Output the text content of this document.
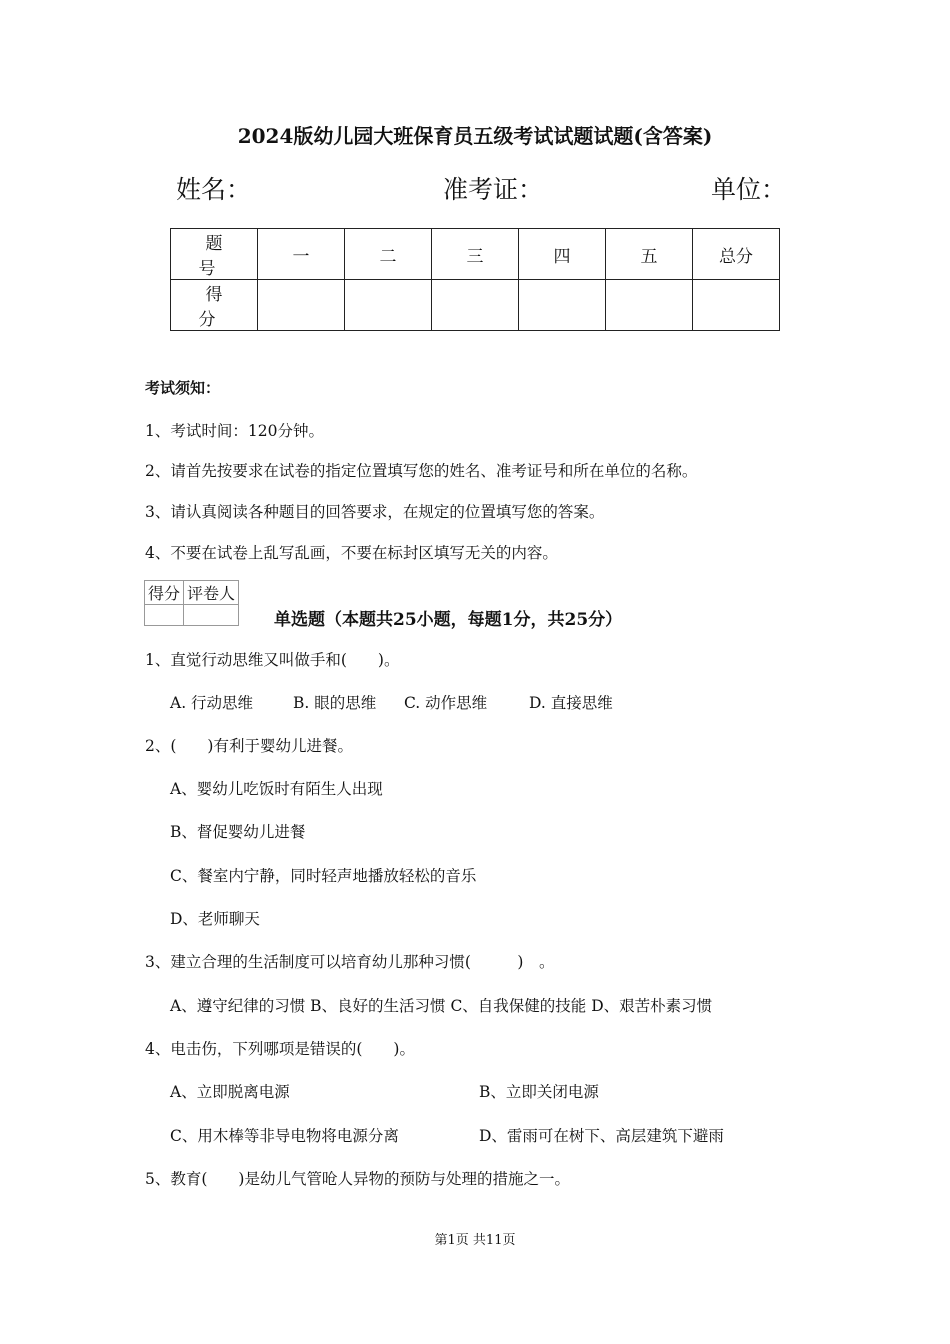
2024版幼儿园大班保育员五级考试试题试题(含答案)
姓名：	准考证：	单位：
题　号	一	二	三	四	五	总分
得　分						
考试须知：
1、考试时间：120分钟。
2、请首先按要求在试卷的指定位置填写您的姓名、准考证号和所在单位的名称。
3、请认真阅读各种题目的回答要求，在规定的位置填写您的答案。
4、不要在试卷上乱写乱画，不要在标封区填写无关的内容。
得分	评卷人

单选题（本题共25小题，每题1分，共25分）
1、直觉行动思维又叫做手和(　　)。
A. 行动思维	B. 眼的思维 C. 动作思维	D. 直接思维
2、(　　)有利于婴幼儿进餐。
A、婴幼儿吃饭时有陌生人出现
B、督促婴幼儿进餐
C、餐室内宁静，同时轻声地播放轻松的音乐
D、老师聊天
3、建立合理的生活制度可以培育幼儿那种习惯(　　　)　。
A、遵守纪律的习惯 B、良好的生活习惯 C、自我保健的技能 D、艰苦朴素习惯
4、电击伤，下列哪项是错误的(　　)。
A、立即脱离电源	B、立即关闭电源
C、用木棒等非导电物将电源分离	D、雷雨可在树下、高层建筑下避雨
5、教育(　　)是幼儿气管呛人异物的预防与处理的措施之一。
第1页 共11页
